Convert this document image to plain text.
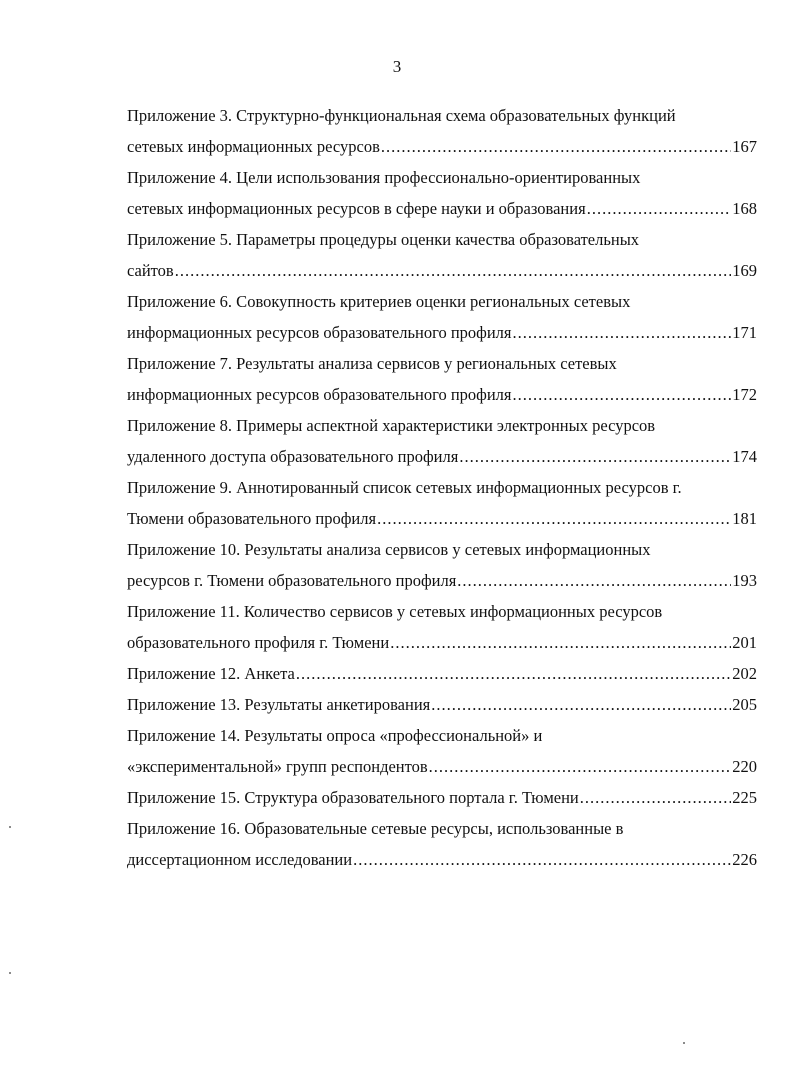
3
Приложение 3. Структурно-функциональная схема образовательных функций
сетевых информационных ресурсов .....	167
Приложение 4. Цели использования профессионально-ориентированных
сетевых информационных ресурсов в сфере науки и образования .....	168
Приложение 5. Параметры процедуры оценки качества образовательных
сайтов .....	169
Приложение 6. Совокупность критериев оценки региональных сетевых
информационных ресурсов образовательного профиля .....	171
Приложение 7. Результаты анализа сервисов у региональных сетевых
информационных ресурсов образовательного профиля .....	172
Приложение 8. Примеры аспектной характеристики электронных ресурсов
удаленного доступа образовательного профиля .....	174
Приложение 9. Аннотированный список сетевых информационных ресурсов г.
Тюмени образовательного профиля .....	181
Приложение 10. Результаты анализа сервисов у сетевых информационных
ресурсов г. Тюмени образовательного профиля .....	193
Приложение 11. Количество сервисов у сетевых информационных ресурсов
образовательного профиля г. Тюмени .....	201
Приложение 12. Анкета .....	202
Приложение 13. Результаты анкетирования .....	205
Приложение 14. Результаты опроса «профессиональной» и
«экспериментальной» групп респондентов .....	220
Приложение 15. Структура образовательного портала г. Тюмени .....	225
Приложение 16. Образовательные сетевые ресурсы, использованные в
диссертационном исследовании .....	226
